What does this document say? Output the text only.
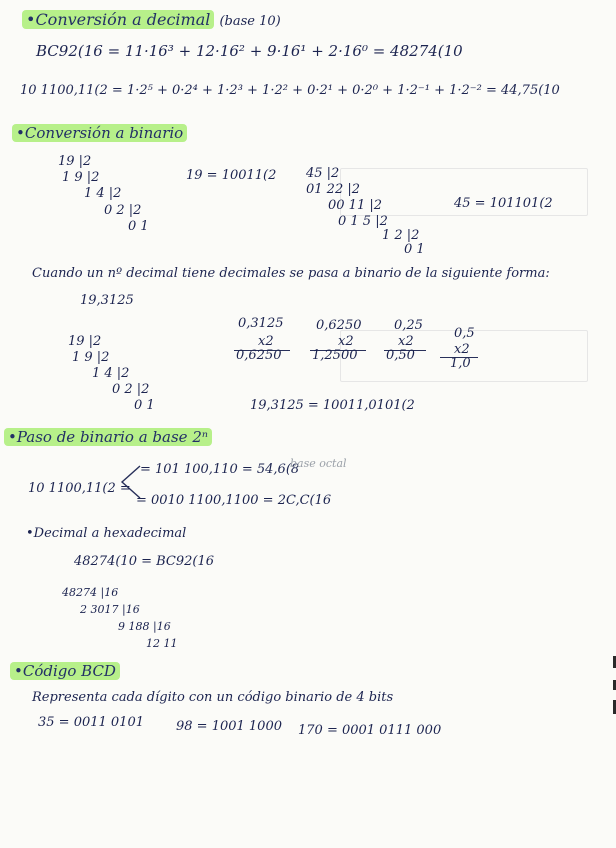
•Conversión a decimal (base 10)
BC92(16 = 11·16³ + 12·16² + 9·16¹ + 2·16⁰ = 48274(10
10 1100,11(2 = 1·2⁵ + 0·2⁴ + 1·2³ + 1·2² + 0·2¹ + 0·2⁰ + 1·2⁻¹ + 1·2⁻² = 44,75(10
•Conversión a binario
19 |2
1 9 |2
1 4 |2
0 2 |2
0 1
19 = 10011(2 45 |2
01 22 |2
00 11 |2
0 1 5 |2
1 2 |2
0 1
45 = 101101(2
Cuando un nº decimal tiene decimales se pasa a binario de la siguiente forma:
19,3125
19 |2
1 9 |2
1 4 |2
0 2 |2
0 1
0,3125
x2
0,6250
0,6250
x2
1,2500
0,25
x2
0,50
0,5
x2
1,0
19,3125 = 10011,0101(2
•Paso de binario a base 2ⁿ
10 1100,11(2 =
= 101 100,110 = 54,6(8
base octal
= 0010 1100,1100 = 2C,C(16
•Decimal a hexadecimal
48274(10 = BC92(16
48274 |16
2 3017 |16
9 188 |16
12 11
•Código BCD
Representa cada dígito con un código binario de 4 bits
35 = 0011 0101 98 = 1001 1000 170 = 0001 0111 000
